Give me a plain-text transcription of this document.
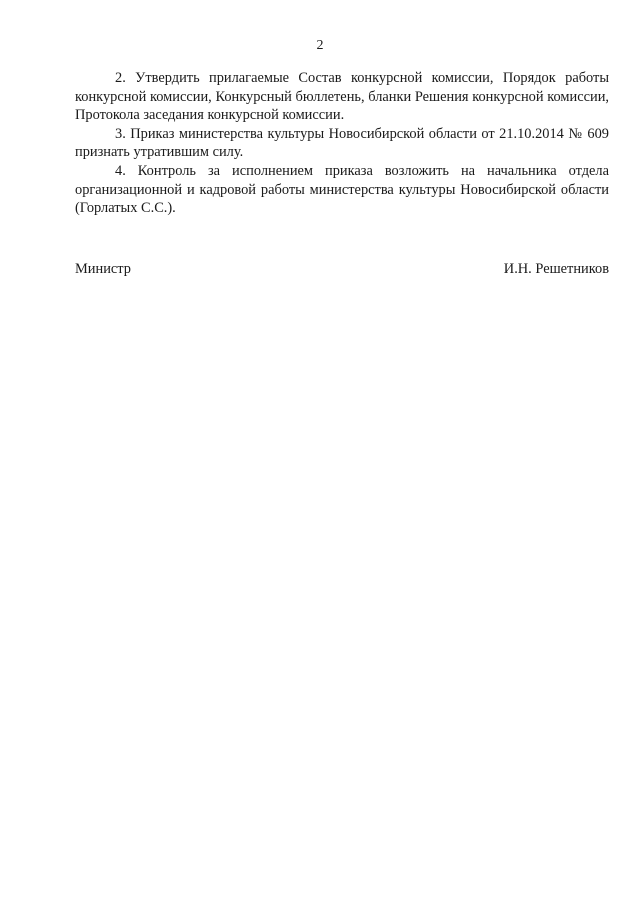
2

2. Утвердить прилагаемые Состав конкурсной комиссии, Порядок работы конкурсной комиссии, Конкурсный бюллетень, бланки Решения конкурсной комиссии, Протокола заседания конкурсной комиссии.

3. Приказ министерства культуры Новосибирской области от 21.10.2014 № 609 признать утратившим силу.

4. Контроль за исполнением приказа возложить на начальника отдела организационной и кадровой работы министерства культуры Новосибирской области (Горлатых С.С.).

Министр	И.Н. Решетников
